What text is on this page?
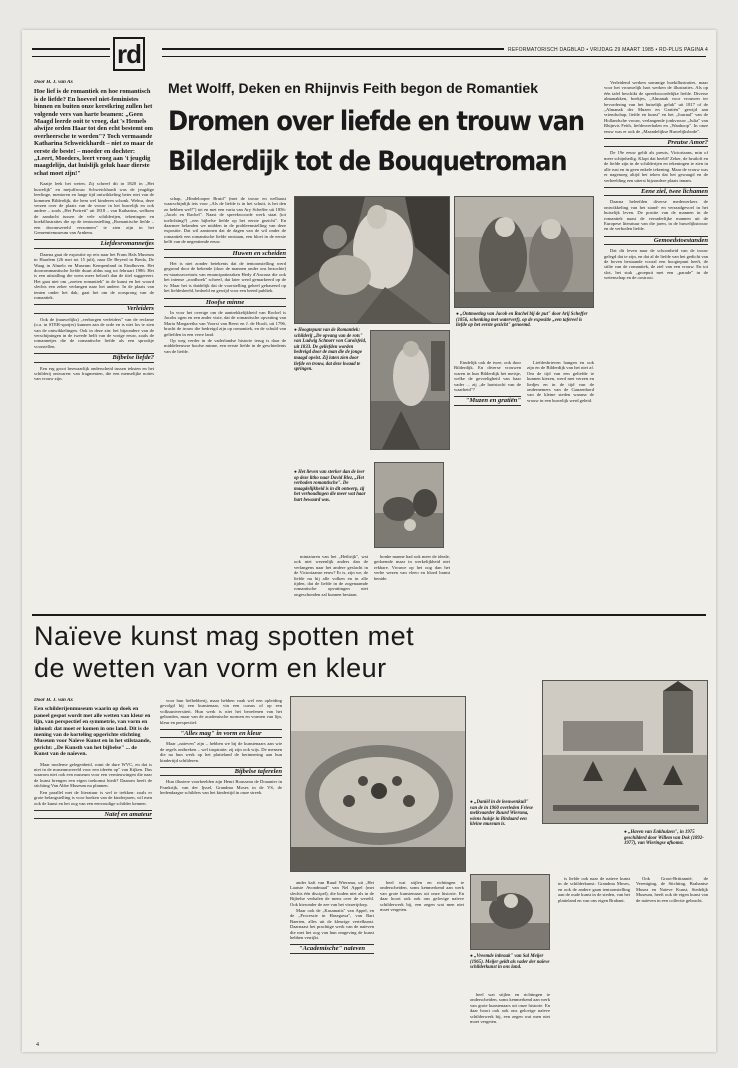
rd	REFORMATORISCH DAGBLAD • VRIJDAG 29 MAART 1985 • RD-PLUS PAGINA 4
Met Wolff, Deken en Rhijnvis Feith begon de Romantiek
Dromen over liefde en trouw van
Bilderdijk tot de Bouquetroman
Door H. J. van Ax
Hoe lief is de romantiek en hoe romantisch is de liefde? En hoeveel niet-feministes binnen en buiten onze kerstkring zullen het volgende vers van harte beamen: „Geen Maagd leerde ooit te vroeg, dat 's Hemels alwijze orden Haar tot den echt bestemt om overheersche te worden"? Toch vermaande Katharina Schweickhardt – niet zo maar de eerste de beste! – moeder en dochter: „Leert, Moeders, leert vroeg aan 't jeugdig maagdelijn, dat huislijk geluk haar dierste schat moet zijn!"

Kaatje leek het weten. Zij schreef dit in 1820 in „Het huwelijk" en mejuffrouw Schweickhardt was de jeugdige leerlinge, mentoren en lange tijd ontwikkeling beter niet van de kommen Bilderdijk, die hem wel kinderen schonk. Welnu, deze verzen over de plaats van de vrouw in het huwelijk en ook andere – zoals „Het Portrett" uit 1818 – van Katharina, welkom de aandacht tussen de vele schilderijen, tekeningen en boekillustraties die op de tentoonstelling „Romantische liefde – een droomwereld verzonnen" te zien zijn in het Gemeentemuseum van Arnhem.

Liefdesromannetjes

Daarna gaat de expositie op reis naar het Frans Hals Museum in Haarlem (26 mei tot 15 juli), naar De Beyerd in Breda, De Waag in Almelo en Museum Kempenland in Eindhoven. Het doorrommantische liefde duurt aldus nog tot februari 1986. Het is een uitstalling die wens meer belooft dan de titel suggereert. Het gaat niet om „zoeten romantiek" in de kunst en het woord slechts een zeker verlangen naar het andere. In de plaats van tenten onder het dak, gaat het om de oorsprong van de romantiek.

Verleiders

Ook de (nauwelijks) „verborgen verleiders" van de reclame (o.a. in STER-spotjes) kunnen aan de orde en is niet los te zien van de ontwikkelingen. Ook in deze zin: het bijzondere van de verschijningen in de tweede helft van de vorige eeuw, zoals de romannetjes die de romantische liefde als een sprookje voorstellen.

Bijbelse liefde?

Een erg groot bezwaarlijk onderscheid tussen teksten en het schilderij ontwaren: van fragmenten, die een menselijke noties van vrouw zijn.

schap, „Hindelooper Bruid" (met de trouw en welhaast waarschijnlijk iets voor „Als de liefde is in het schuit, is het den zo hebben wel?") tot en met een varia van Ary Scheffer uit 1856: „Jacob en Rachel". Naast de spreekwoorde werk staat (tot toelichting?) „een bijbelse liefde op het eerste gezicht". En daarmee belanden we midden in de probleemstelling van deze expositie. Dat wil aantonen dat de dagen van de wil onder de romantiek een romantische liefde ontstaan, een bloei in de eerste helft van de negentiende eeuw.

Huwen en scheiden

Het is niet zonder betekenis dat de tentoonstelling werd gegrond door de bekende (door de mannen onder ons bezochte) ex-staatssecretaris van emancipatiezaken Hedy d'Ancona die ook het intense „roodboek" schreef, dat later werd gemarkeerd op de tv. Maar het is duidelijk dat de voorstelling geheel gebaseerd op het liefdesbeeld, bedoeld en gewijd voor een breed publiek.

Hoofse minne

In voor het overige om de aantrekkelijkheid van Rochel is Jacobs ogen en een ander visie, dat de romantische opvatting van Maria Margaretha van Voorst van Beest en J. de Hooft, uit 1796, bracht de trouw die bedreigd zijn op romantiek, en de schuld van geliefden in een verre land.

Op weg verder in de vaderlandse historie terug is daar de middeleeuwse hoofse minne, een eerste liefde in de geschiedenis van de liefde.

● Hoogtepunt van de Romantiek: schilderij „De opvang van de rots" van Ludwig Schnorr von Carolsfeld, uit 1833. De geliefden worden bedreigd door de man die de jonge maagd opeist. Zij laten zien door liefde en trouw, dat deze kwaad te springen.
● Het lieven van sterker dan de leer op deze litho naar David Blez, „Het verboden romantische". De maagdelijkheid is in dit ontwerp, zij het verhoudingen die meer wat haar hart bewaard was.
● „Ontmoeting van Jacob en Rachel bij de put" door Arij Scheffer (1856, schenking met waterverf), op de expositie „een tafereel is liefde op het eerste gezicht" genoemd.

miniaturen van het „Heiltrijk", wat ook niet wezenlijk anders dan de verlangens naar het andere geslacht in de Victoriaanse eeuw? Er is, zijn we, de liefde nu bij alle volken en in alle tijden, dat de liefde in de zogenaamde romantische opvattingen niet ongeschonden zal kunnen bestaan.

bonbe manne had ook meer de ideale, gedoemde maar in werkelijkheid niet rekbare. Vrouwe op het oog dan het verhe wezen van vleeo en bloed bramt benide.

Eindelijk ook de twee, ook door Bilderdijk. En diverse vrouwen waren in hun Bilderdijk het meisje, welke de gevoeligheid van haar vader ... zij „de hartstocht van de waarheid"?

"Muzen en gratiën"

Liefdesbrieven hangen en ook zijn en de Bilderdijk van het niet af. Om de tijd van een geliefde te kunnen kiezen, werd met verzen en liedjes en in de tijd van de ondernemers van de Ganzenbord van de kleine steden waarna de vrouw in een huwelijk werd geleid.

Verleidend werken sommige boekillustraties, maar voor het vrouwelijk hart werken de illustraties. Als op één tafel beschikt de spreekwoordelijke liefde. Diverse almanakken, boekjes, „Almanak voor vrouwen ter bevordering van het huiselijk geluk" uit 1817 of de „Almanak der Muzen en Gratiën" gewijd aan vriendschap, liefde en kunst" en het „Journal" van de Hollandsche vrouw, verlangende jonkvrouw „Julia" van Rhijnvis Feith, liefdesverhalen en „Wanhoop". In onze eeuw was er ook de „Maandelijkse Huwelijksbode".

Preutse Amor?

De 19e eeuw geldt als preuts, Victoriaans, min of meer schijnheilig. Klopt dat beeld? Zeker, de bruiloft en de liefde zijn in de schilderijen en tekeningen te zien in alle rust en in geen enkele tekening. Maar de vrouw was er nagenoeg altijd het teken dat het gewaagd en de verbeelding een uiterst bijzondere plaats innam.

Eene ziel, twee lichamen

Daarna beleefden diverse medewerkers de ontwikkeling van het stand- en verraadgevoel in het huiselijk leven. De positie van de mannen in de romantiek naast de verraderlijke mannen uit de Europese literatuur van die jaren, in de huwelijkstrouw en de verboden liefde.

Gemoedstoestanden

Dat dit leven naar de schoonheid van de trouw gelegd dat te zijn, en dat al de liefde van het gedicht van de boven bestaande vooral een hoogtepunt heeft, de stilte van de romantiek, de ziel van een vrouw. En tot slot, het stuk „groepuit met een „parade" in de wetenschap en de oostrooi.

Naïeve kunst mag spotten met
de wetten van vorm en kleur
Door H. J. van Ax
Een schilderijenmuseum waarin op doek en paneel gespot wordt met alle wetten van kleur en lijn, van perspectief en symmetrie, van vorm en inhoud: dat moet er komen in ons land. Dit is de mening van de korteling opgerichte stichting Museum voor Naïeve Kunst en in het stilstaande, gericht: „De Kunsth van het bijbelse" ... de Kunst van de naïeven.

Maar moderne gelegenheid, want de dure WVC, en dat is niet in de museumwereld voor een ideeën op" van Kijken. Dus waarom niet ook een museum voor een vernieuwingen die naar de kunst brengen een eigen toekomst biedt? Daarom heeft de stichting Van Abbe Museum nu plannen.

Een parallel met de literatuur is wel te trekken: zoals er grote belangstelling is voor boeken van de kinderjaren, wil men ook de kunst en het oog van een eenvoudige schilder kennen.

Naïef en amateur

voor hun liefhebberij, maar hebben vaak wel een opleiding gevolgd bij een kunstenaar, vin een cursus of op een volksuniversiteit. Hun werk is niet het beoefenen van het gebonden, maar van de academische normen en vormen van lijn, kleur en perspectief.

"Alles mag" in vorm en kleur

Maar „naïeven" zijn – hebben we bij de kunstenaars aan wie de regels ontbreken – wel inspiratie; zij zijn ook wijs. De mensen die na hun werk op het platteland de herinnering aan hun kindertijd schilderen.

Bijbelse taferelen

Hun illustere voorbeelden zijn Henri Rousseau de Douanier in Frankrijk, van der Ijssel, Grandma Moses in de VS, de hedendaagse schilders van het kindertijd in onze streek.

● „Daniël in de leeuwenkuil" van de in 1960 overleden Friese melkvaarder Ruurd Wiersma, wiens huisje in Birdaard een kleine museum is.
● „Haven van Enkhuizen", in 1975 geschilderd door Willem van Dok (1892-1977), van Wieringse afkomst.
● „Vreemde inbraak" van Sal Meijer (1965). Meijer geldt als vader der naïeve schilderkunst in ons land.

ander kaft van Ruud Wiersma, uit „Het Laatste Avondmaal" van Nel Appel (met slechts één discipel), die boden niet als in de Bijbelse verhalen de mens over de wereld. Ook hieronder de zee van het visserijdorp.

Maar ook de „Kasamatis" van Appel, en de „Processie in Hasegawa", van Bart Baerten, alles uit de kleurige vertelkunst. Daarnaast het prachtige werk van de naïeven die met het oog van hun omgeving de kunst hebben verrijkt.

"Academische" naïeven

heel wat stijlen en richtingen te onderscheiden, soms kenmerkend aan werk van grote kunstenaars uit onze historie. En daar hoort ook ook ons gelovige naïeve schilderwerk bij, een zegen wat men niet moet vergeten.

heel wat stijlen en richtingen te onderscheiden, soms kenmerkend aan werk van grote kunstenaars uit onze historie. En daar hoort ook ook ons gelovige naïeve schilderwerk bij, een zegen wat men niet moet vergeten.

is liefde ook naar de naïeve kunst in de schilderkunst: Grandma Moses, en ook de andere gaan tentoonstelling aan de oude kunst in de steden, van het platteland en van ons eigen Brabant.

Ook Groot-Brittannië, de Vereniging, de Stichting, Brabantse Musea en Naïeve Kunst, Stedelijk Museum, heeft ook de eigen kunst van de naïeven in een collectie gebracht.

4
